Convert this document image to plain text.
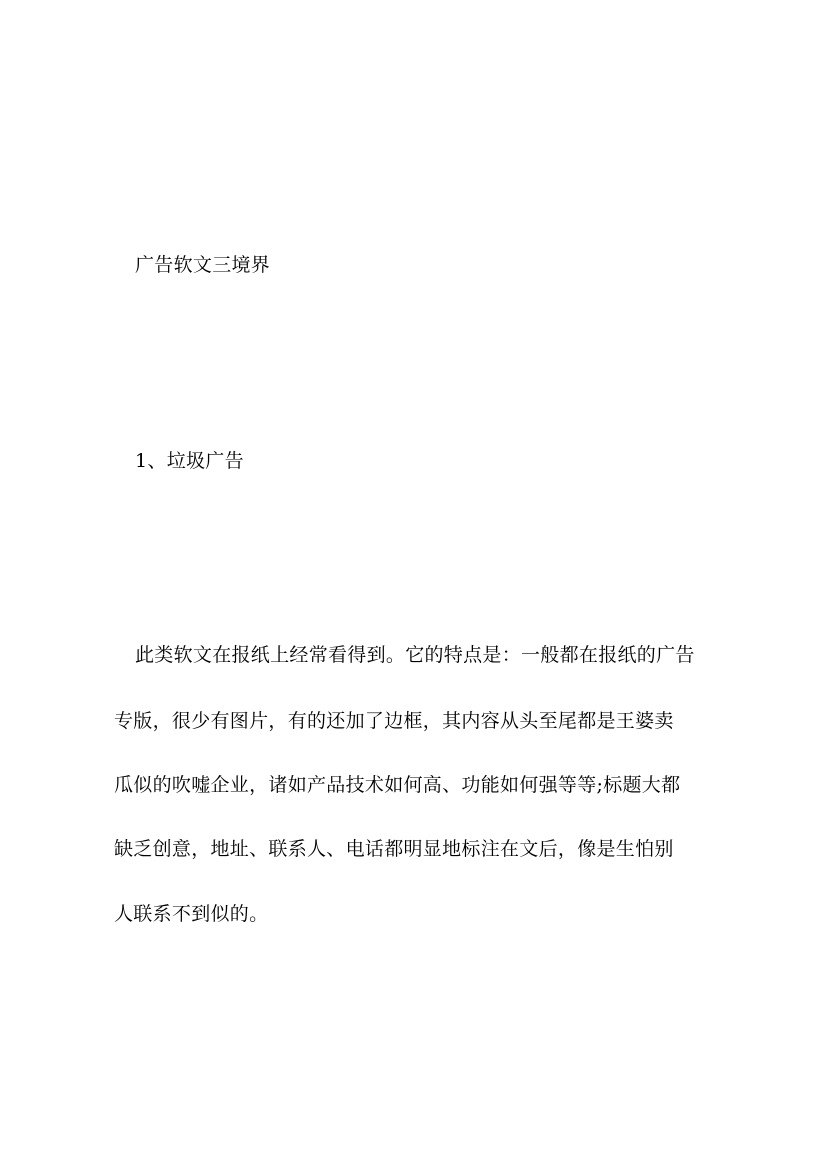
广告软文三境界
1、垃圾广告
此类软文在报纸上经常看得到。它的特点是：一般都在报纸的广告
专版，很少有图片，有的还加了边框，其内容从头至尾都是王婆卖
瓜似的吹嘘企业，诸如产品技术如何高、功能如何强等等;标题大都
缺乏创意，地址、联系人、电话都明显地标注在文后，像是生怕别
人联系不到似的。
